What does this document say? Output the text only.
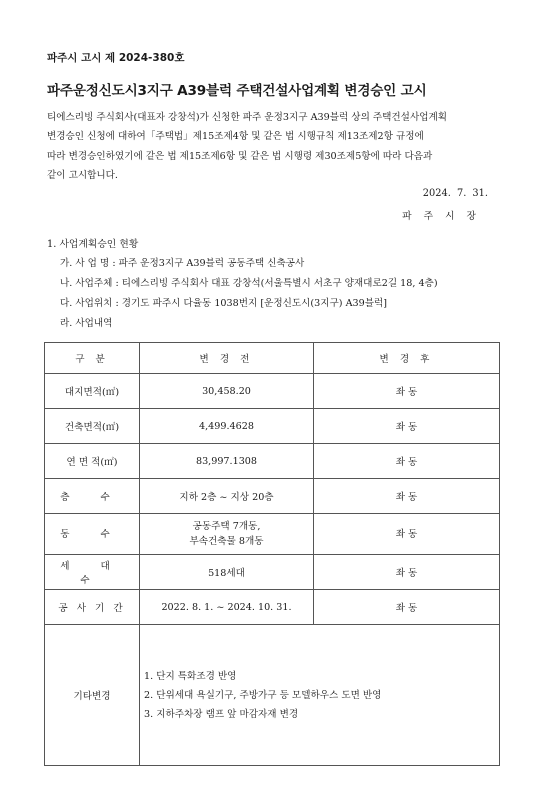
파주시 고시 제 2024-380호
파주운정신도시3지구 A39블럭 주택건설사업계획 변경승인 고시
티에스리빙 주식회사(대표자 강창석)가 신청한 파주 운정3지구 A39블럭 상의 주택건설사업계획
변경승인 신청에 대하여「주택법」제15조제4항 및 같은 법 시행규칙 제13조제2항 규정에
따라 변경승인하였기에 같은 법 제15조제6항 및 같은 법 시행령 제30조제5항에 따라 다음과
같이 고시합니다.
2024. 7. 31.
파주시장
1. 사업계획승인 현황
가. 사 업 명 : 파주 운정3지구 A39블럭 공동주택 신축공사
나. 사업주체 : 티에스리빙 주식회사 대표 강창석(서울특별시 서초구 양재대로2길 18, 4층)
다. 사업위치 : 경기도 파주시 다율동 1038번지 [운정신도시(3지구) A39블럭]
라. 사업내역
구 분	변 경 전	변 경 후
대지면적(㎡)	30,458.20	좌 동
건축면적(㎡)	4,499.4628	좌 동
연 면 적(㎡)	83,997.1308	좌 동
층 수	지하 2층 ~ 지상 20층	좌 동
동 수	공동주택 7개동,
부속건축물 8개동	좌 동
세 대 수	518세대	좌 동
공 사 기 간	2022. 8. 1. ~ 2024. 10. 31.	좌 동
기타변경	1. 단지 특화조경 반영
2. 단위세대 욕실기구, 주방가구 등 모델하우스 도면 반영
3. 지하주차장 램프 앞 마감자재 변경	
